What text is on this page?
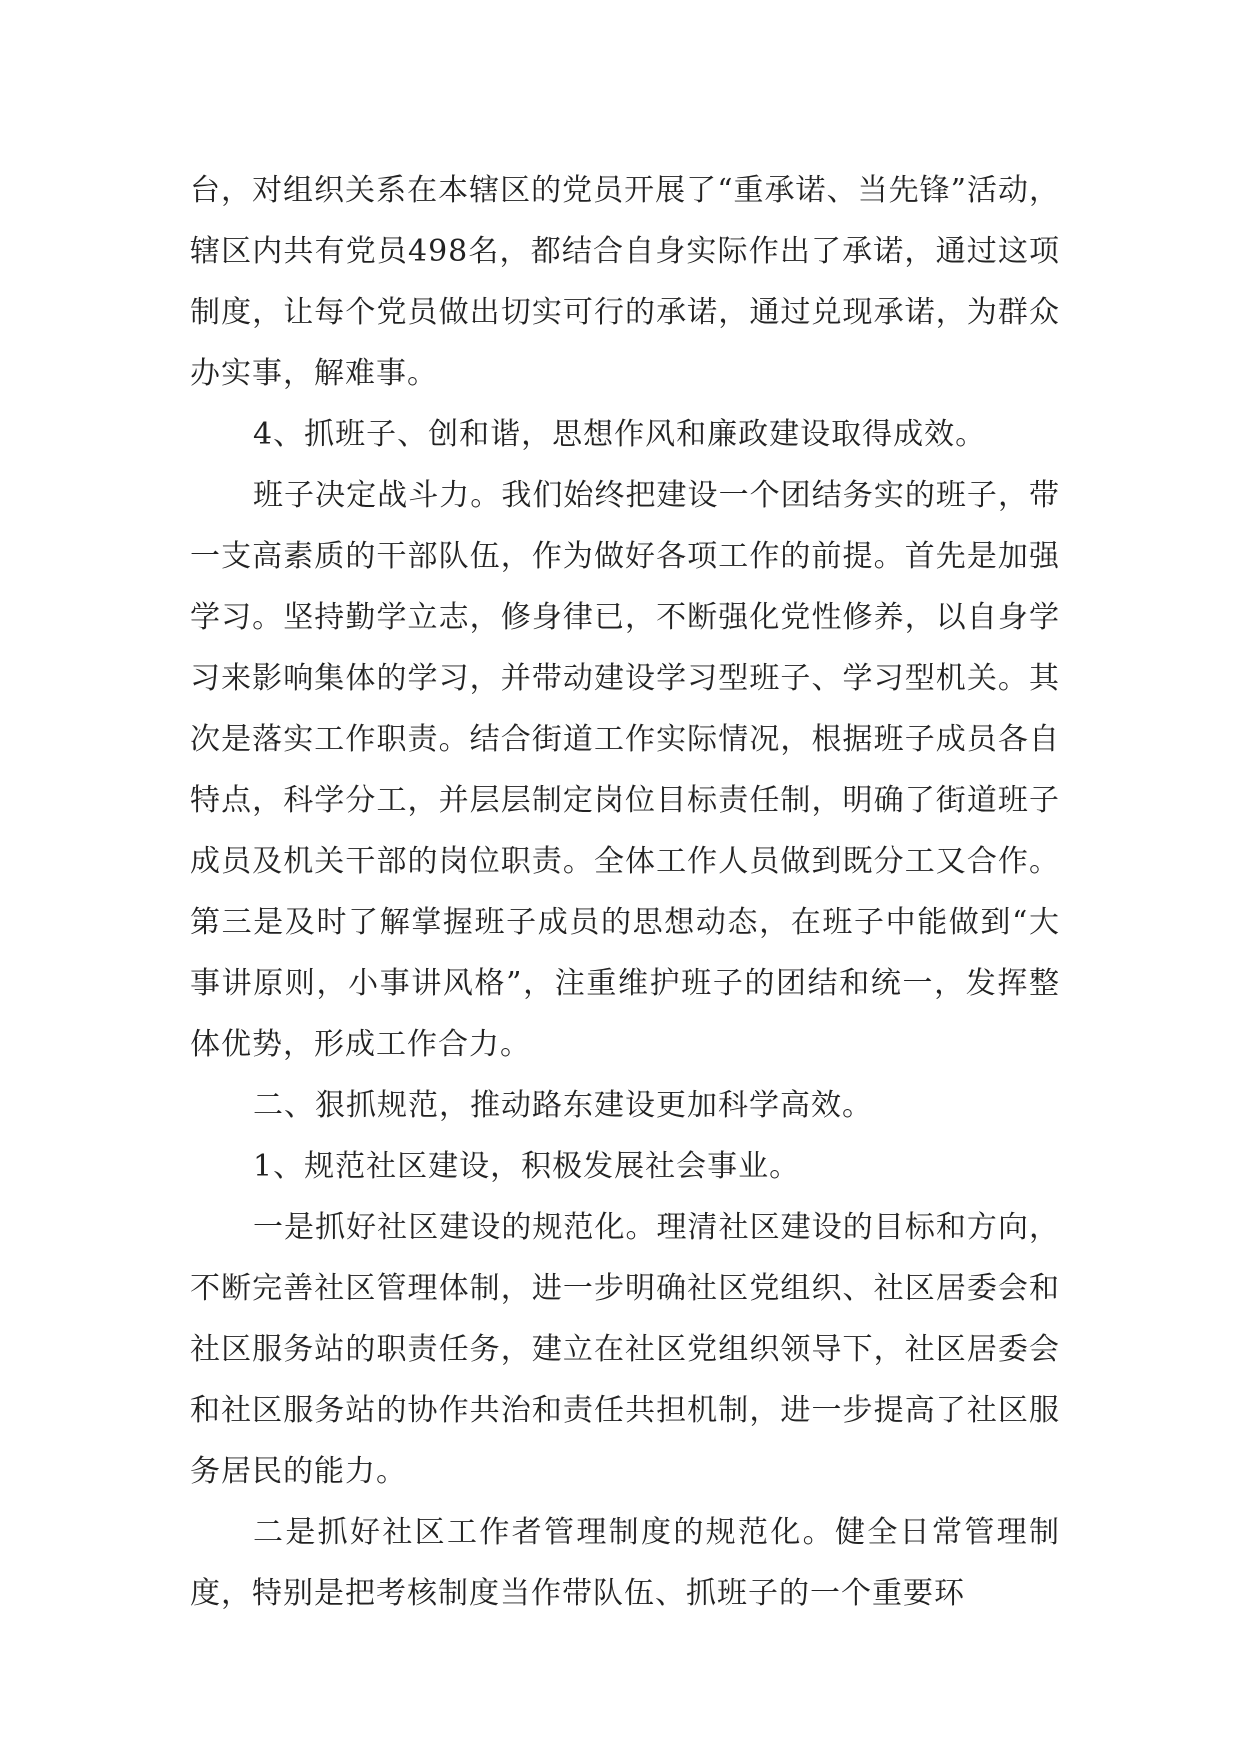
台，对组织关系在本辖区的党员开展了“重承诺、当先锋”活动，辖区内共有党员498名，都结合自身实际作出了承诺，通过这项制度，让每个党员做出切实可行的承诺，通过兑现承诺，为群众办实事，解难事。

4、抓班子、创和谐，思想作风和廉政建设取得成效。

班子决定战斗力。我们始终把建设一个团结务实的班子，带一支高素质的干部队伍，作为做好各项工作的前提。首先是加强学习。坚持勤学立志，修身律已，不断强化党性修养，以自身学习来影响集体的学习，并带动建设学习型班子、学习型机关。其次是落实工作职责。结合街道工作实际情况，根据班子成员各自特点，科学分工，并层层制定岗位目标责任制，明确了街道班子成员及机关干部的岗位职责。全体工作人员做到既分工又合作。第三是及时了解掌握班子成员的思想动态，在班子中能做到“大事讲原则，小事讲风格”，注重维护班子的团结和统一，发挥整体优势，形成工作合力。

二、狠抓规范，推动路东建设更加科学高效。

1、规范社区建设，积极发展社会事业。

一是抓好社区建设的规范化。理清社区建设的目标和方向，不断完善社区管理体制，进一步明确社区党组织、社区居委会和社区服务站的职责任务，建立在社区党组织领导下，社区居委会和社区服务站的协作共治和责任共担机制，进一步提高了社区服务居民的能力。

二是抓好社区工作者管理制度的规范化。健全日常管理制度，特别是把考核制度当作带队伍、抓班子的一个重要环
